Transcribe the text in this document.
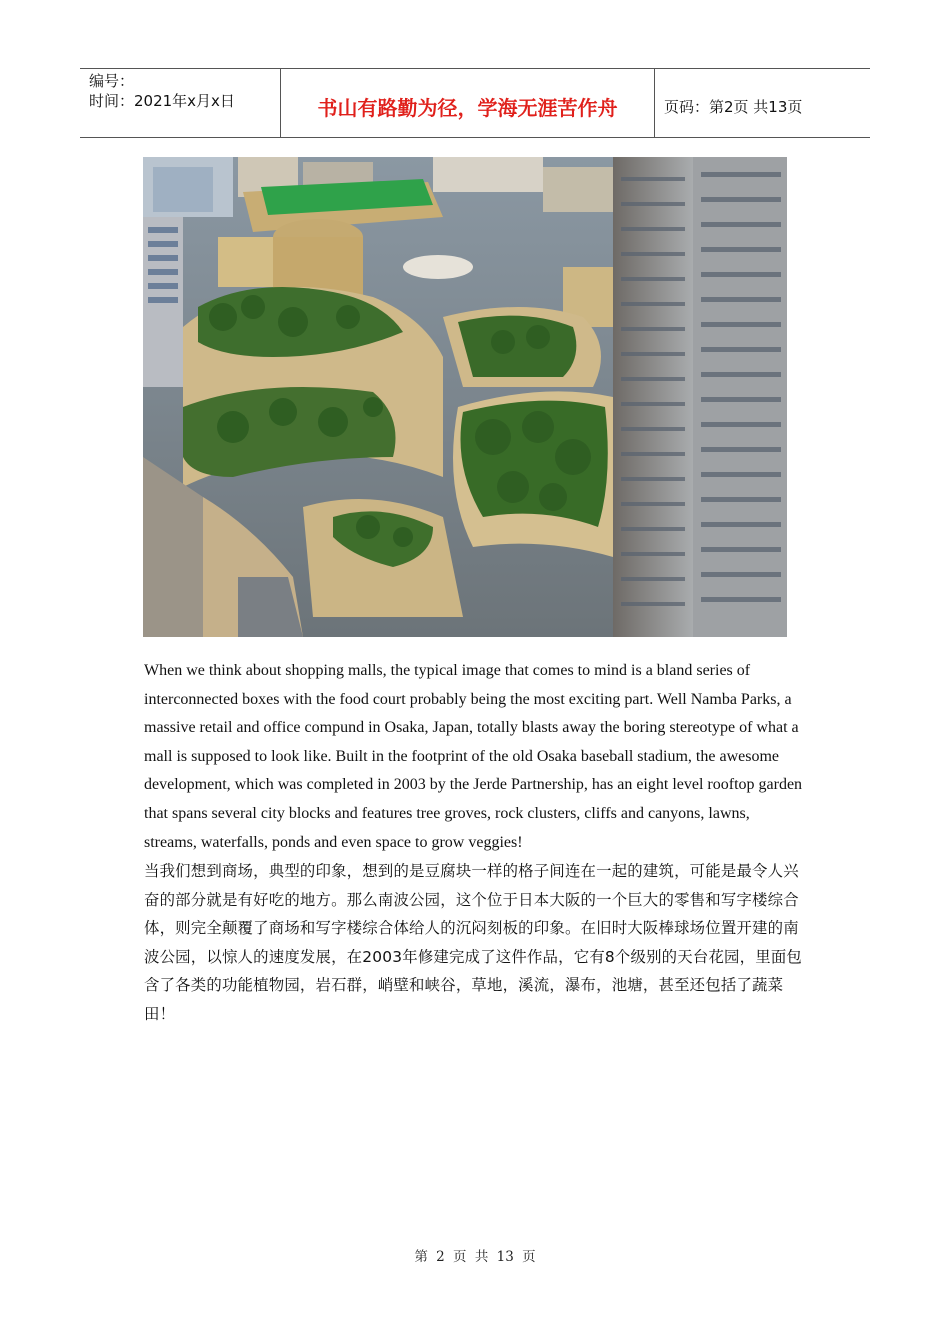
编号：
时间：2021年x月x日	书山有路勤为径，学海无涯苦作舟	页码：第2页 共13页
When we think about shopping malls, the typical image that comes to mind is a bland series of interconnected boxes with the food court probably being the most exciting part. Well Namba Parks, a massive retail and office compund in Osaka, Japan, totally blasts away the boring stereotype of what a mall is supposed to look like. Built in the footprint of the old Osaka baseball stadium, the awesome development, which was completed in 2003 by the Jerde Partnership, has an eight level rooftop garden that spans several city blocks and features tree groves, rock clusters, cliffs and canyons, lawns, streams, waterfalls, ponds and even space to grow veggies!
当我们想到商场，典型的印象，想到的是豆腐块一样的格子间连在一起的建筑，可能是最令人兴奋的部分就是有好吃的地方。那么南波公园，这个位于日本大阪的一个巨大的零售和写字楼综合体，则完全颠覆了商场和写字楼综合体给人的沉闷刻板的印象。在旧时大阪棒球场位置开建的南波公园，以惊人的速度发展，在2003年修建完成了这件作品，它有8个级别的天台花园，里面包含了各类的功能植物园，岩石群，峭壁和峡谷，草地，溪流，瀑布，池塘，甚至还包括了蔬菜田！
第 2 页 共 13 页
